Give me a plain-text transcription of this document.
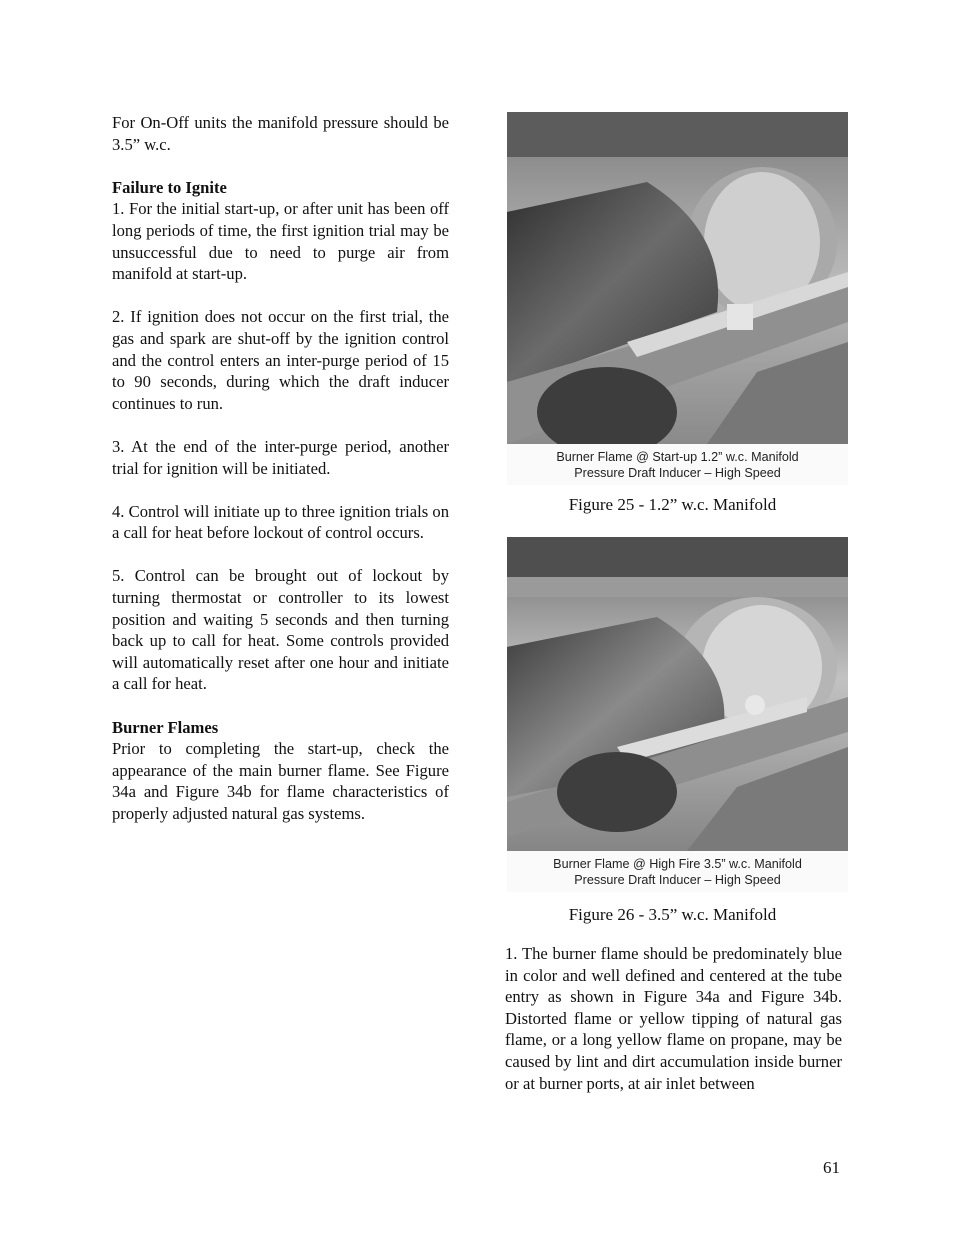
For On-Off units the manifold pressure should be 3.5” w.c.

Failure to Ignite

1. For the initial start-up, or after unit has been off long periods of time, the first ignition trial may be unsuccessful due to need to purge air from manifold at start-up.

2. If ignition does not occur on the first trial, the gas and spark are shut-off by the ignition control and the control enters an inter-purge period of 15 to 90 seconds, during which the draft inducer continues to run.

3. At the end of the inter-purge period, another trial for ignition will be initiated.

4. Control will initiate up to three ignition trials on a call for heat before lockout of control occurs.

5. Control can be brought out of lockout by turning thermostat or controller to its lowest position and waiting 5 seconds and then turning back up to call for heat. Some controls provided will automatically reset after one hour and initiate a call for heat.

Burner Flames

Prior to completing the start-up, check the appearance of the main burner flame. See Figure 34a and Figure 34b for flame characteristics of properly adjusted natural gas systems.

Burner Flame @ Start-up 1.2” w.c. Manifold
Pressure Draft Inducer – High Speed
Figure 25 - 1.2” w.c. Manifold
Burner Flame @ High Fire 3.5” w.c. Manifold
Pressure Draft Inducer – High Speed
Figure 26 - 3.5” w.c. Manifold

1. The burner flame should be predominately blue in color and well defined and centered at the tube entry as shown in Figure 34a and Figure 34b. Distorted flame or yellow tipping of natural gas flame, or a long yellow flame on propane, may be caused by lint and dirt accumulation inside burner or at burner ports, at air inlet between

61
